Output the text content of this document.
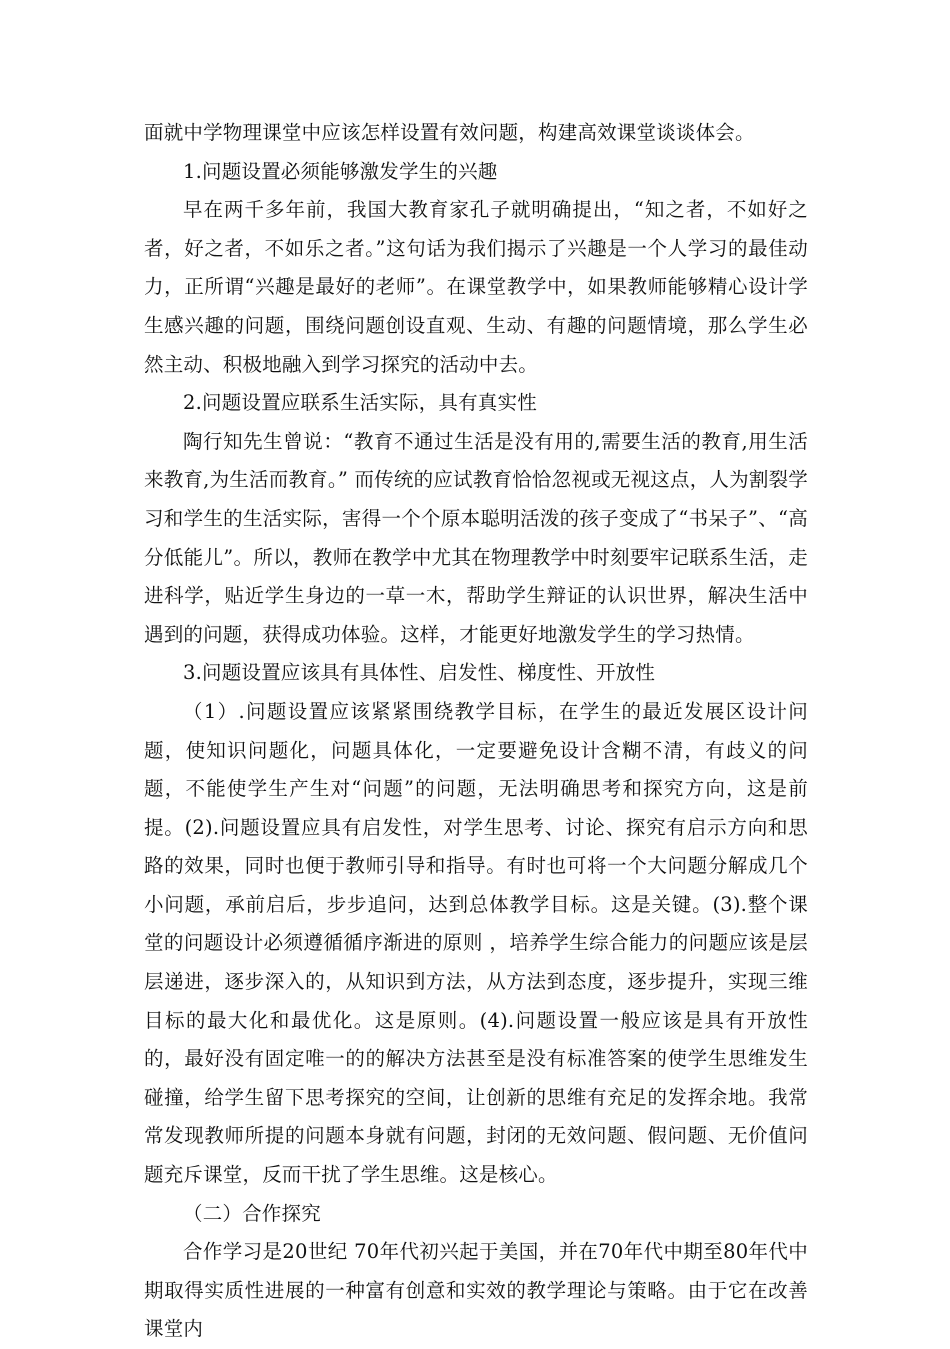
面就中学物理课堂中应该怎样设置有效问题，构建高效课堂谈谈体会。

1.问题设置必须能够激发学生的兴趣

早在两千多年前，我国大教育家孔子就明确提出，“知之者，不如好之者，好之者，不如乐之者。”这句话为我们揭示了兴趣是一个人学习的最佳动力，正所谓“兴趣是最好的老师”。在课堂教学中，如果教师能够精心设计学生感兴趣的问题，围绕问题创设直观、生动、有趣的问题情境，那么学生必然主动、积极地融入到学习探究的活动中去。

2.问题设置应联系生活实际，具有真实性

陶行知先生曾说：“教育不通过生活是没有用的,需要生活的教育,用生活来教育,为生活而教育。” 而传统的应试教育恰恰忽视或无视这点，人为割裂学习和学生的生活实际，害得一个个原本聪明活泼的孩子变成了“书呆子”、“高分低能儿”。所以，教师在教学中尤其在物理教学中时刻要牢记联系生活，走进科学，贴近学生身边的一草一木，帮助学生辩证的认识世界，解决生活中遇到的问题，获得成功体验。这样，才能更好地激发学生的学习热情。

3.问题设置应该具有具体性、启发性、梯度性、开放性

（1）.问题设置应该紧紧围绕教学目标，在学生的最近发展区设计问题，使知识问题化，问题具体化，一定要避免设计含糊不清，有歧义的问题，不能使学生产生对“问题”的问题，无法明确思考和探究方向，这是前提。(2).问题设置应具有启发性，对学生思考、讨论、探究有启示方向和思路的效果，同时也便于教师引导和指导。有时也可将一个大问题分解成几个小问题，承前启后，步步追问，达到总体教学目标。这是关键。(3).整个课堂的问题设计必须遵循循序渐进的原则 ，培养学生综合能力的问题应该是层层递进，逐步深入的，从知识到方法，从方法到态度，逐步提升，实现三维目标的最大化和最优化。这是原则。(4).问题设置一般应该是具有开放性的，最好没有固定唯一的的解决方法甚至是没有标准答案的使学生思维发生碰撞，给学生留下思考探究的空间，让创新的思维有充足的发挥余地。我常常发现教师所提的问题本身就有问题，封闭的无效问题、假问题、无价值问题充斥课堂，反而干扰了学生思维。这是核心。

（二）合作探究

合作学习是20世纪 70年代初兴起于美国，并在70年代中期至80年代中期取得实质性进展的一种富有创意和实效的教学理论与策略。由于它在改善课堂内
